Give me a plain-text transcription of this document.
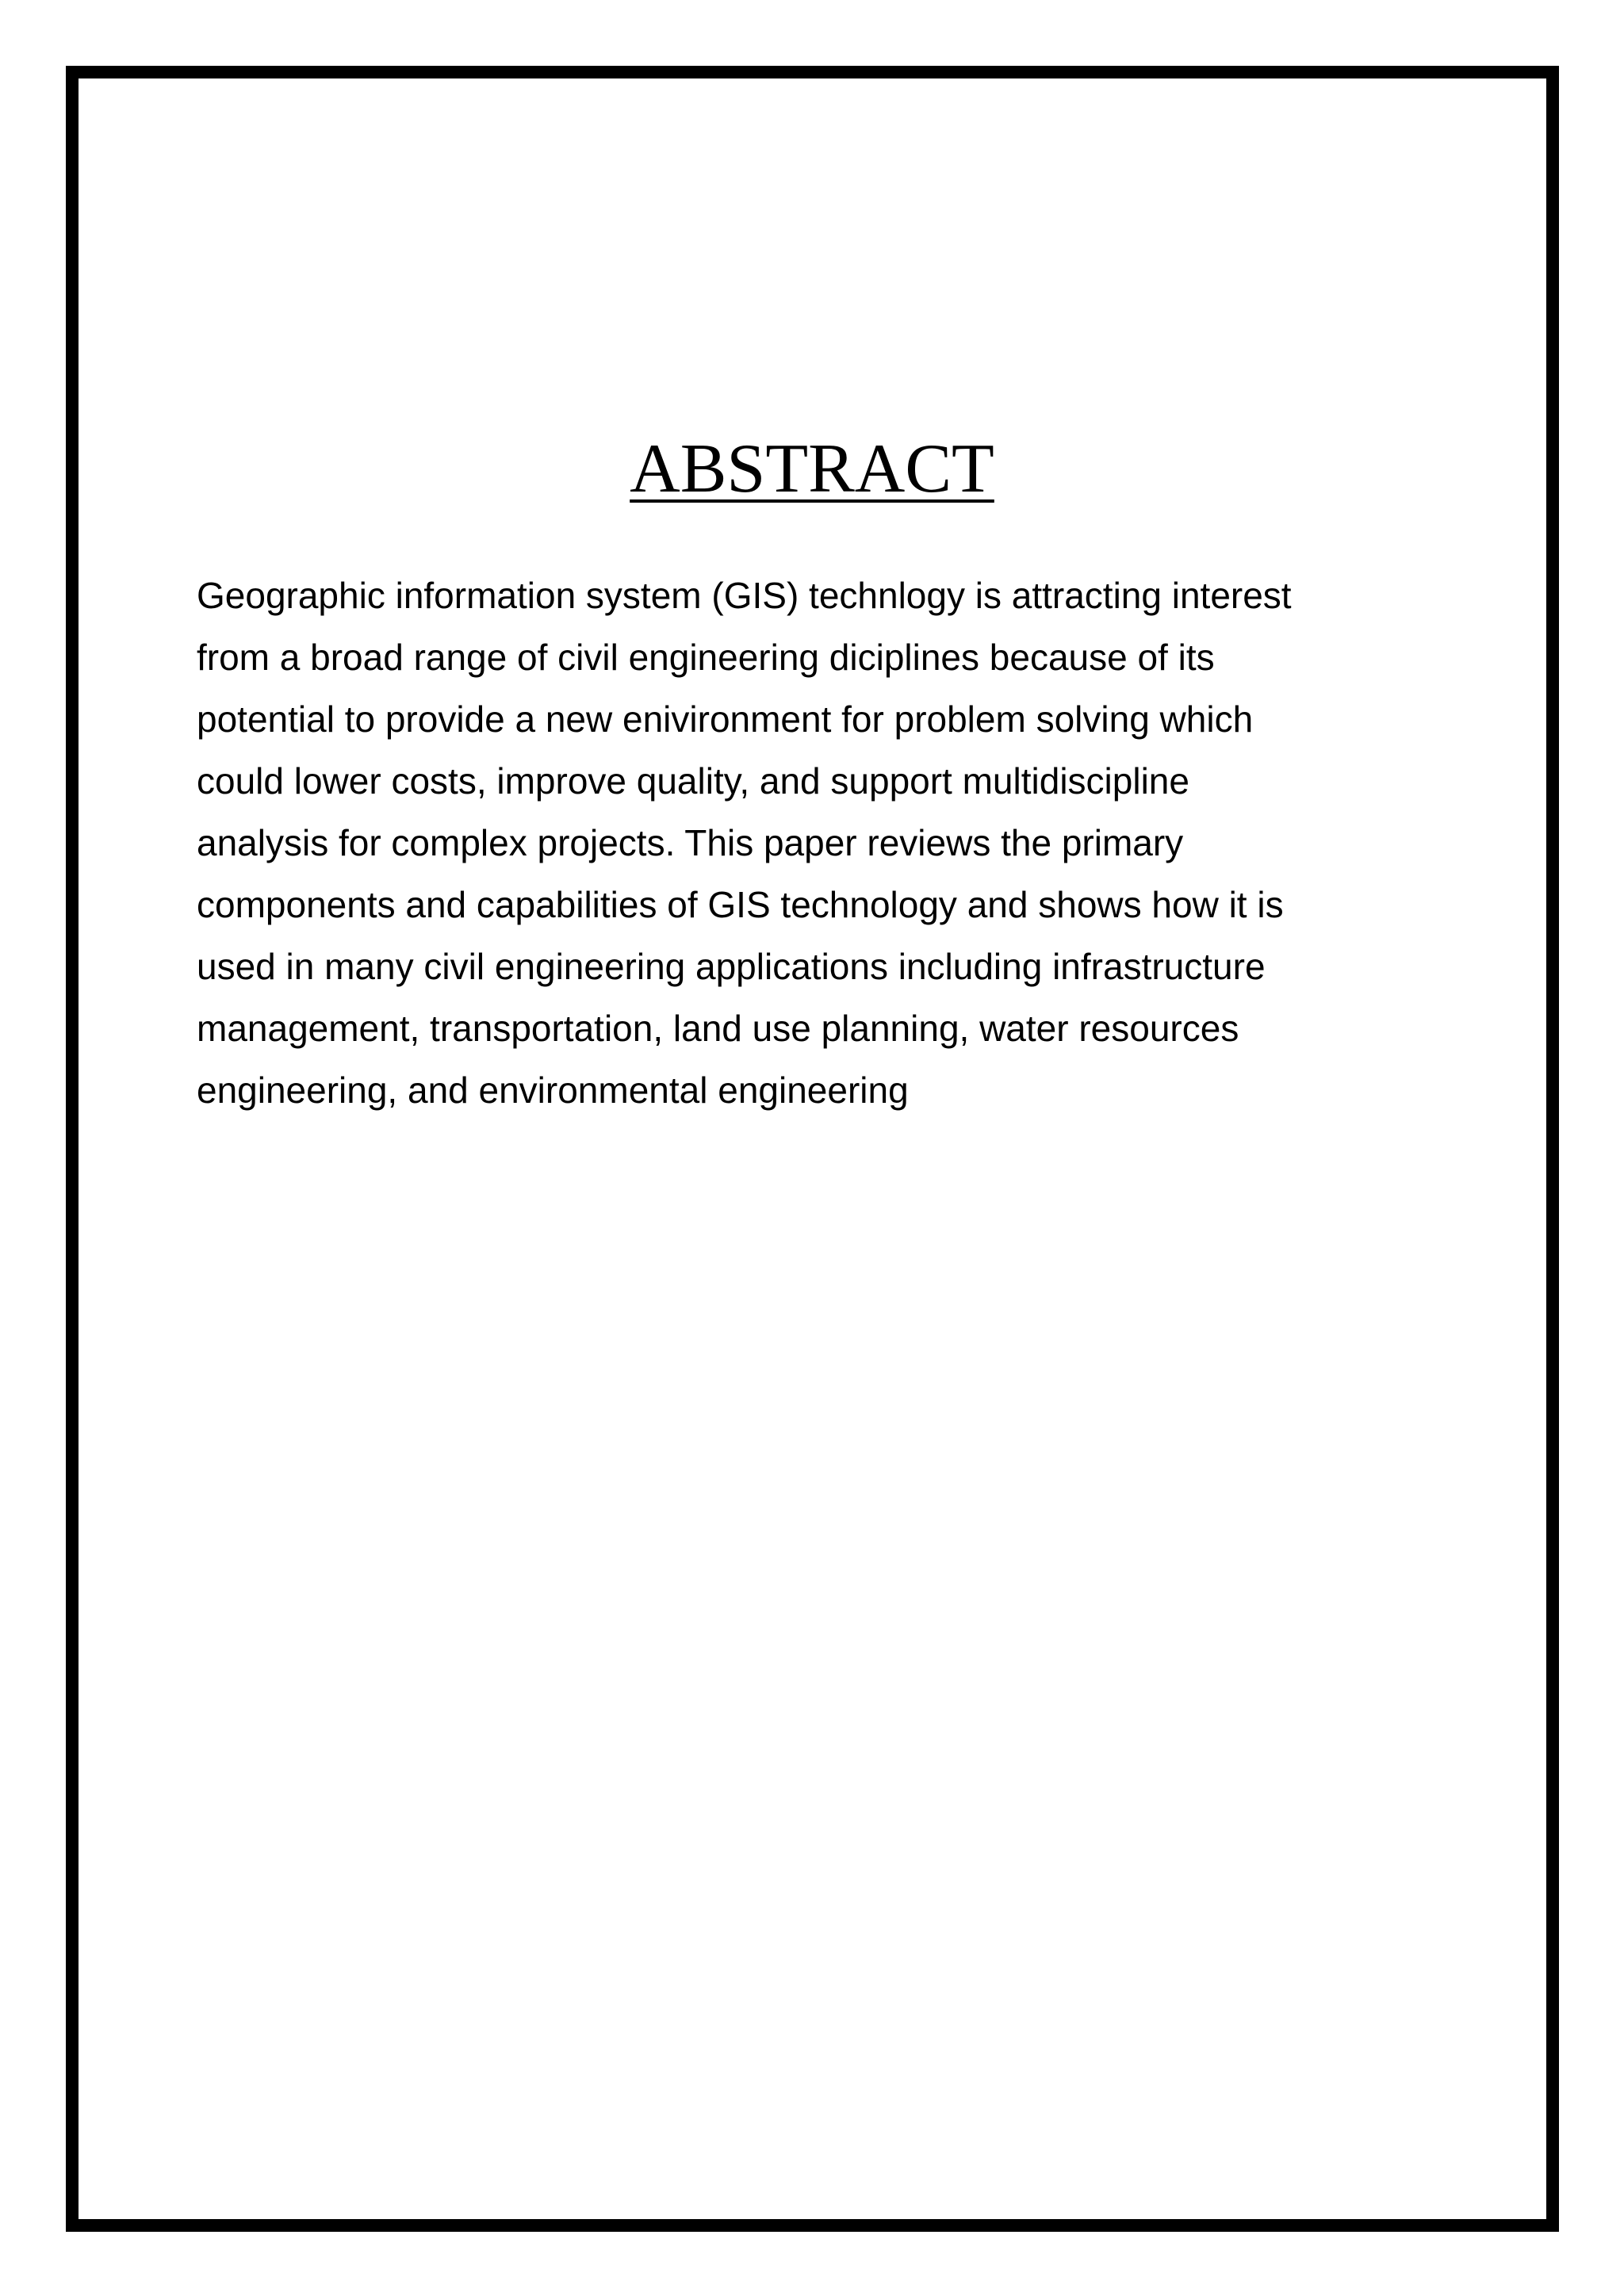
ABSTRACT
Geographic information system (GIS) technlogy is attracting interest
from a broad range of civil engineering diciplines because of its
potential to provide a new enivironment for problem solving which
could lower costs, improve quality, and support multidiscipline
analysis for complex projects. This paper reviews the primary
components and capabilities of GIS technology and shows how it is
used in many civil engineering applications including infrastructure
management, transportation, land use planning, water resources
engineering, and environmental engineering
